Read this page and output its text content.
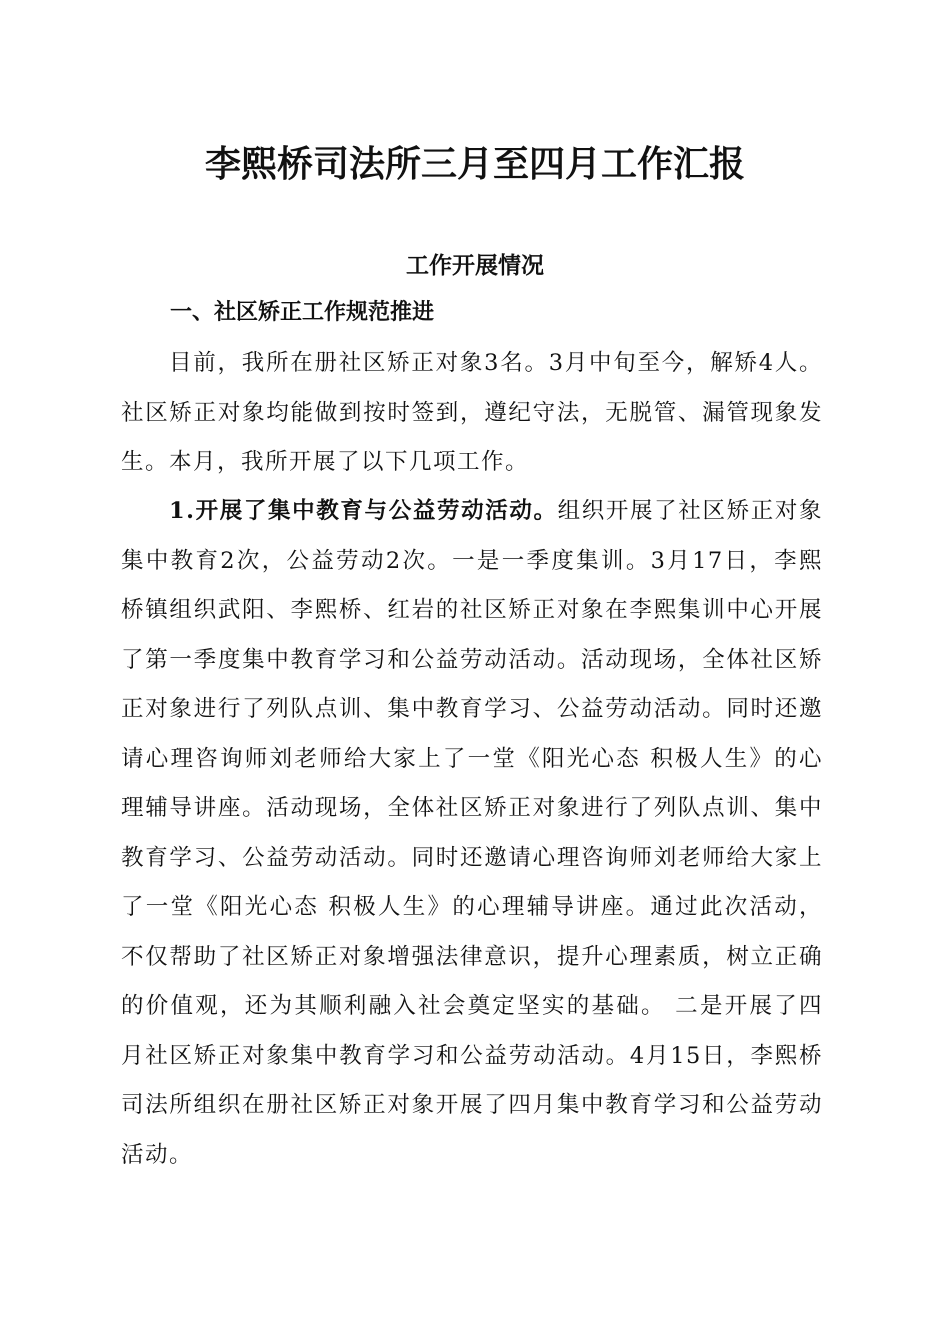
李熙桥司法所三月至四月工作汇报
工作开展情况
一、社区矫正工作规范推进

目前，我所在册社区矫正对象3名。3月中旬至今，解矫4人。社区矫正对象均能做到按时签到，遵纪守法，无脱管、漏管现象发生。本月，我所开展了以下几项工作。

1.开展了集中教育与公益劳动活动。组织开展了社区矫正对象集中教育2次，公益劳动2次。一是一季度集训。3月17日，李熙桥镇组织武阳、李熙桥、红岩的社区矫正对象在李熙集训中心开展了第一季度集中教育学习和公益劳动活动。活动现场，全体社区矫正对象进行了列队点训、集中教育学习、公益劳动活动。同时还邀请心理咨询师刘老师给大家上了一堂《阳光心态 积极人生》的心理辅导讲座。活动现场，全体社区矫正对象进行了列队点训、集中教育学习、公益劳动活动。同时还邀请心理咨询师刘老师给大家上了一堂《阳光心态 积极人生》的心理辅导讲座。通过此次活动，不仅帮助了社区矫正对象增强法律意识，提升心理素质，树立正确的价值观，还为其顺利融入社会奠定坚实的基础。 二是开展了四月社区矫正对象集中教育学习和公益劳动活动。4月15日，李熙桥司法所组织在册社区矫正对象开展了四月集中教育学习和公益劳动活动。
